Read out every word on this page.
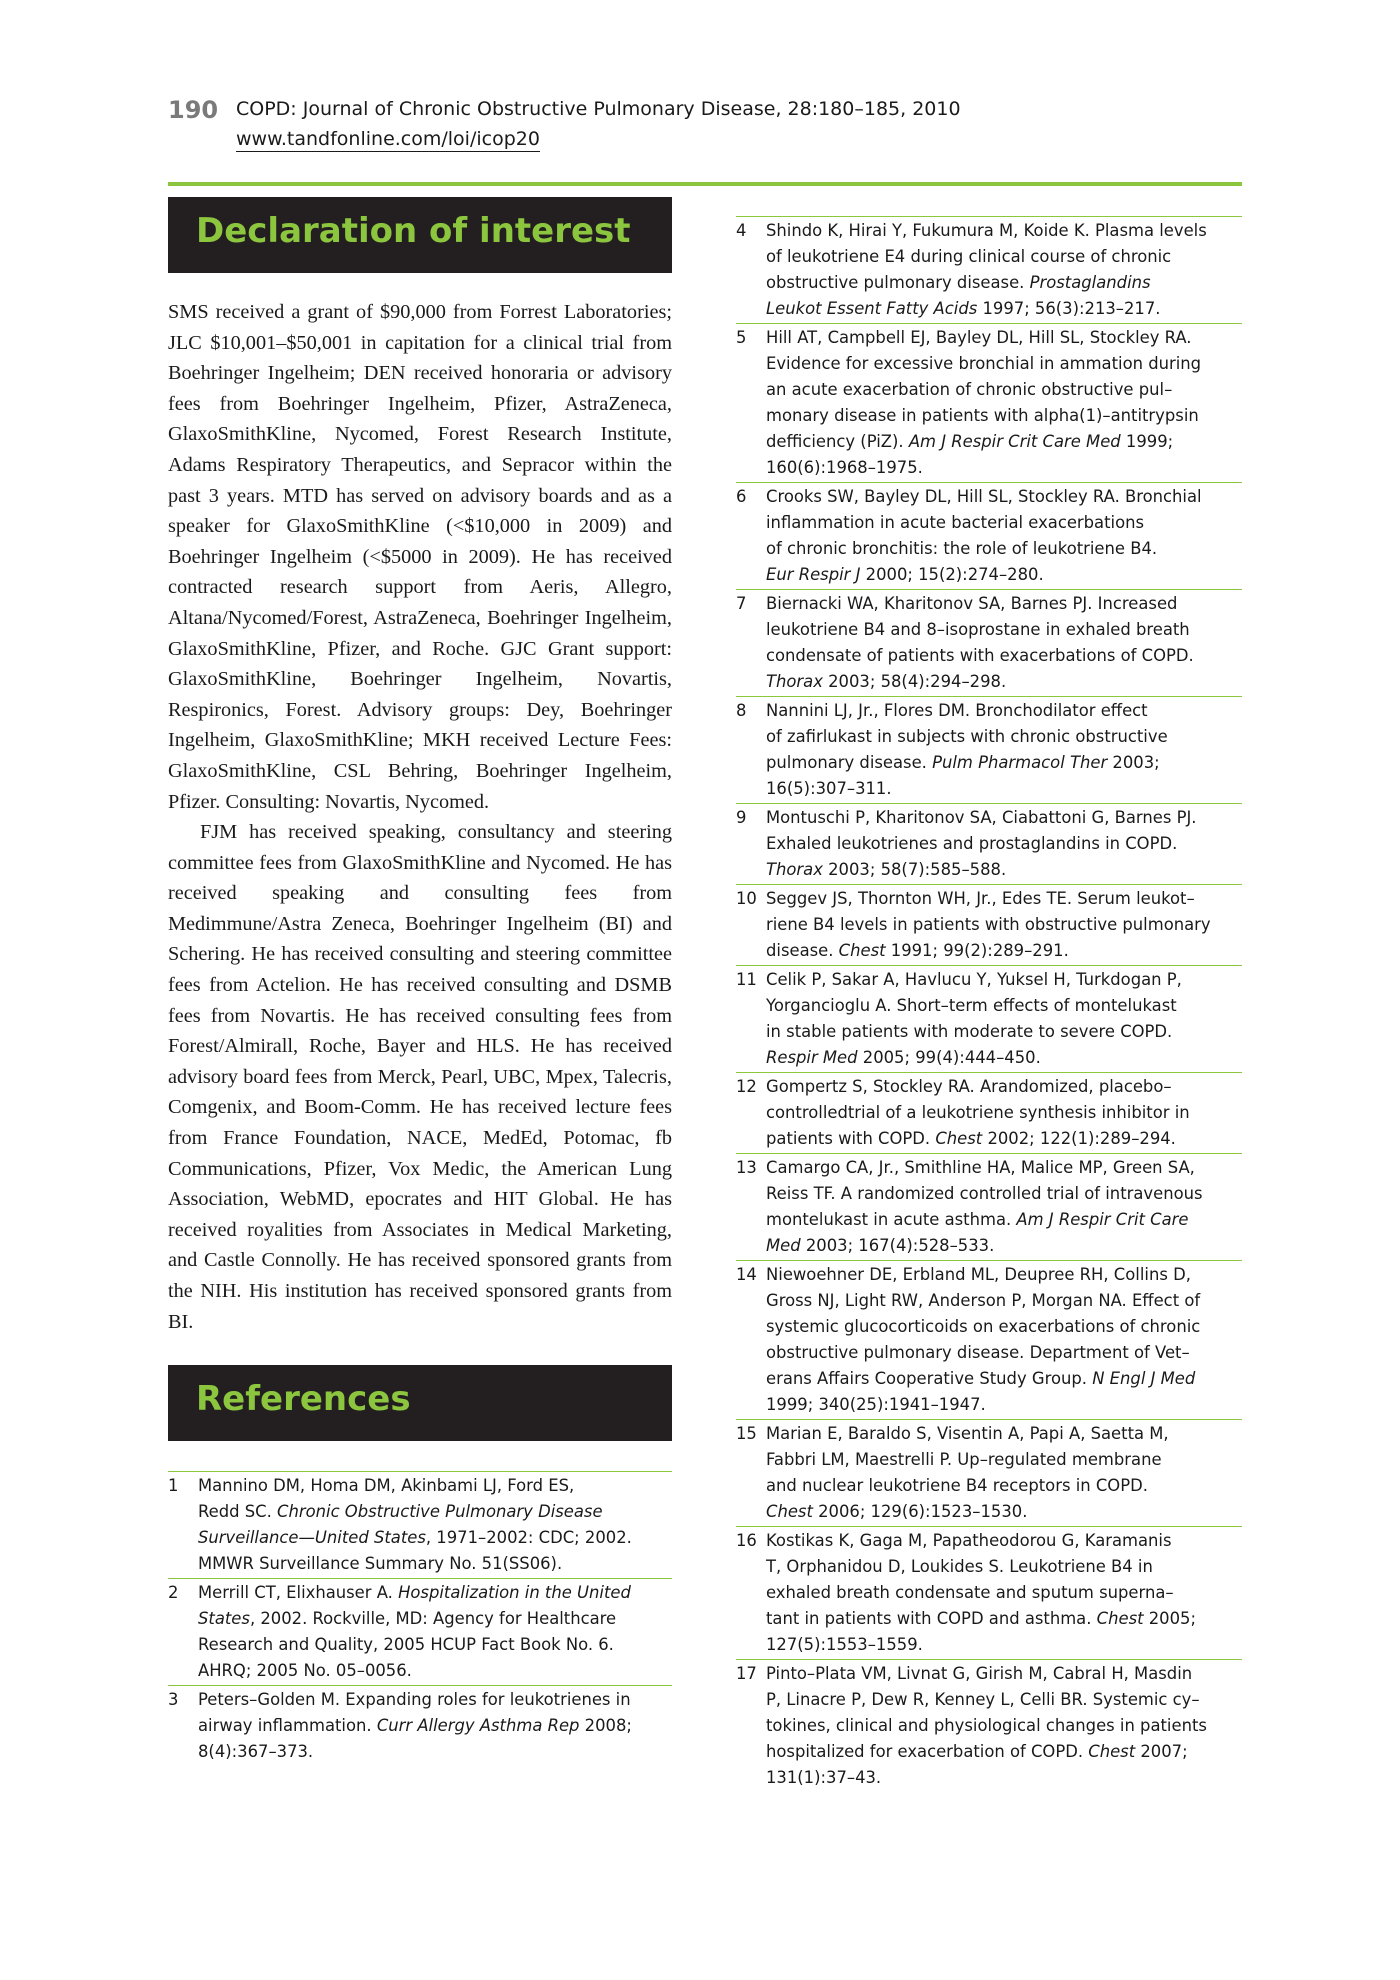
190 COPD: Journal of Chronic Obstructive Pulmonary Disease, 28:180–185, 2010
www.tandfonline.com/loi/icop20
Declaration of interest

SMS received a grant of $90,000 from Forrest Laboratories; JLC $10,001–$50,001 in capitation for a clinical trial from Boehringer Ingelheim; DEN received honoraria or advisory fees from Boehringer Ingelheim, Pfizer, AstraZeneca, GlaxoSmithKline, Nycomed, Forest Research Institute, Adams Respiratory Therapeutics, and Sepracor within the past 3 years. MTD has served on advisory boards and as a speaker for GlaxoSmithKline (<$10,000 in 2009) and Boehringer Ingelheim (<$5000 in 2009). He has received contracted research support from Aeris, Allegro, Altana/Nycomed/Forest, AstraZeneca, Boehringer Ingelheim, GlaxoSmithKline, Pfizer, and Roche. GJC Grant support: GlaxoSmithKline, Boehringer Ingelheim, Novartis, Respironics, Forest. Advisory groups: Dey, Boehringer Ingelheim, GlaxoSmithKline; MKH received Lecture Fees: GlaxoSmithKline, CSL Behring, Boehringer Ingelheim, Pfizer. Consulting: Novartis, Nycomed.

FJM has received speaking, consultancy and steering committee fees from GlaxoSmithKline and Nycomed. He has received speaking and consulting fees from Medimmune/Astra Zeneca, Boehringer Ingelheim (BI) and Schering. He has received consulting and steering committee fees from Actelion. He has received consulting and DSMB fees from Novartis. He has received consulting fees from Forest/Almirall, Roche, Bayer and HLS. He has received advisory board fees from Merck, Pearl, UBC, Mpex, Talecris, Comgenix, and Boom-Comm. He has received lecture fees from France Foundation, NACE, MedEd, Potomac, fb Communications, Pfizer, Vox Medic, the American Lung Association, WebMD, epocrates and HIT Global. He has received royalities from Associates in Medical Marketing, and Castle Connolly. He has received sponsored grants from the NIH. His institution has received sponsored grants from BI.

References
1 Mannino DM, Homa DM, Akinbami LJ, Ford ES,
Redd SC. Chronic Obstructive Pulmonary Disease
Surveillance—United States, 1971–2002: CDC; 2002.
MMWR Surveillance Summary No. 51(SS06).
2 Merrill CT, Elixhauser A. Hospitalization in the United
States, 2002. Rockville, MD: Agency for Healthcare
Research and Quality, 2005 HCUP Fact Book No. 6.
AHRQ; 2005 No. 05–0056.
3 Peters–Golden M. Expanding roles for leukotrienes in
airway inflammation. Curr Allergy Asthma Rep 2008;
8(4):367–373.
4 Shindo K, Hirai Y, Fukumura M, Koide K. Plasma levels
of leukotriene E4 during clinical course of chronic
obstructive pulmonary disease. Prostaglandins
Leukot Essent Fatty Acids 1997; 56(3):213–217.
5 Hill AT, Campbell EJ, Bayley DL, Hill SL, Stockley RA.
Evidence for excessive bronchial in ammation during
an acute exacerbation of chronic obstructive pul–
monary disease in patients with alpha(1)–antitrypsin
defficiency (PiZ). Am J Respir Crit Care Med 1999;
160(6):1968–1975.
6 Crooks SW, Bayley DL, Hill SL, Stockley RA. Bronchial
inflammation in acute bacterial exacerbations
of chronic bronchitis: the role of leukotriene B4.
Eur Respir J 2000; 15(2):274–280.
7 Biernacki WA, Kharitonov SA, Barnes PJ. Increased
leukotriene B4 and 8–isoprostane in exhaled breath
condensate of patients with exacerbations of COPD.
Thorax 2003; 58(4):294–298.
8 Nannini LJ, Jr., Flores DM. Bronchodilator effect
of zafirlukast in subjects with chronic obstructive
pulmonary disease. Pulm Pharmacol Ther 2003;
16(5):307–311.
9 Montuschi P, Kharitonov SA, Ciabattoni G, Barnes PJ.
Exhaled leukotrienes and prostaglandins in COPD.
Thorax 2003; 58(7):585–588.
10 Seggev JS, Thornton WH, Jr., Edes TE. Serum leukot–
riene B4 levels in patients with obstructive pulmonary
disease. Chest 1991; 99(2):289–291.
11 Celik P, Sakar A, Havlucu Y, Yuksel H, Turkdogan P,
Yorgancioglu A. Short–term effects of montelukast
in stable patients with moderate to severe COPD.
Respir Med 2005; 99(4):444–450.
12 Gompertz S, Stockley RA. Arandomized, placebo–
controlledtrial of a leukotriene synthesis inhibitor in
patients with COPD. Chest 2002; 122(1):289–294.
13 Camargo CA, Jr., Smithline HA, Malice MP, Green SA,
Reiss TF. A randomized controlled trial of intravenous
montelukast in acute asthma. Am J Respir Crit Care
Med 2003; 167(4):528–533.
14 Niewoehner DE, Erbland ML, Deupree RH, Collins D,
Gross NJ, Light RW, Anderson P, Morgan NA. Effect of
systemic glucocorticoids on exacerbations of chronic
obstructive pulmonary disease. Department of Vet–
erans Affairs Cooperative Study Group. N Engl J Med
1999; 340(25):1941–1947.
15 Marian E, Baraldo S, Visentin A, Papi A, Saetta M,
Fabbri LM, Maestrelli P. Up–regulated membrane
and nuclear leukotriene B4 receptors in COPD.
Chest 2006; 129(6):1523–1530.
16 Kostikas K, Gaga M, Papatheodorou G, Karamanis
T, Orphanidou D, Loukides S. Leukotriene B4 in
exhaled breath condensate and sputum superna–
tant in patients with COPD and asthma. Chest 2005;
127(5):1553–1559.
17 Pinto–Plata VM, Livnat G, Girish M, Cabral H, Masdin
P, Linacre P, Dew R, Kenney L, Celli BR. Systemic cy–
tokines, clinical and physiological changes in patients
hospitalized for exacerbation of COPD. Chest 2007;
131(1):37–43.
